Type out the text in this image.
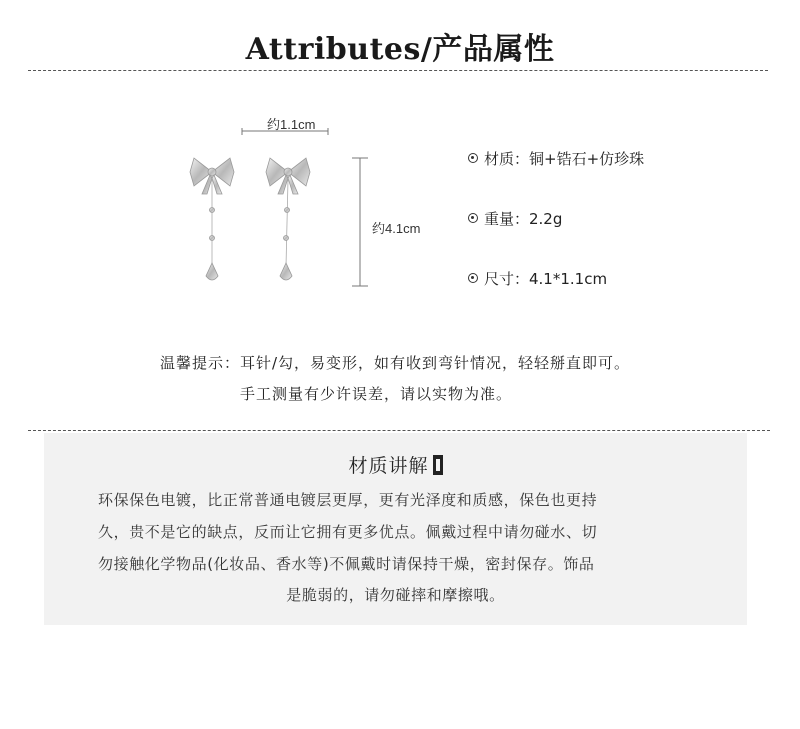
Attributes/产品属性
约1.1cm
约4.1cm
材质：铜+锆石+仿珍珠
重量：2.2g
尺寸：4.1*1.1cm
温馨提示：耳针/勾，易变形，如有收到弯针情况，轻轻掰直即可。
手工测量有少许误差，请以实物为准。
材质讲解
环保保色电镀，比正常普通电镀层更厚，更有光泽度和质感，保色也更持
久，贵不是它的缺点，反而让它拥有更多优点。佩戴过程中请勿碰水、切
勿接触化学物品(化妆品、香水等)不佩戴时请保持干燥，密封保存。饰品
是脆弱的，请勿碰摔和摩擦哦。
